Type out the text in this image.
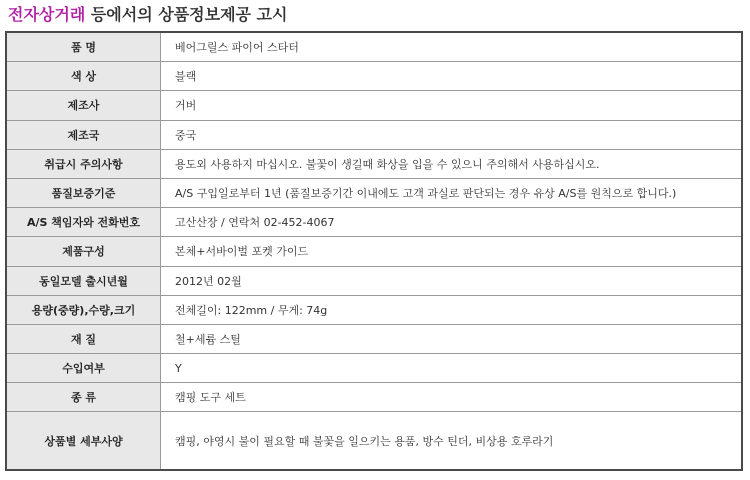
전자상거래 등에서의 상품정보제공 고시
품 명	베어그릴스 파이어 스타터
색 상	블랙
제조사	거버
제조국	중국
취급시 주의사항	용도외 사용하지 마십시오. 불꽃이 생길때 화상을 입을 수 있으니 주의해서 사용하십시오.
품질보증기준	A/S 구입일로부터 1년 (품질보증기간 이내에도 고객 과실로 판단되는 경우 유상 A/S를 원칙으로 합니다.)
A/S 책임자와 전화번호	고산산장 / 연락처 02-452-4067
제품구성	본체+서바이벌 포켓 가이드
동일모델 출시년월	2012년 02월
용량(중량),수량,크기	전체길이: 122mm / 무게: 74g
재 질	철+세륨 스틸
수입여부	Y
종 류	캠핑 도구 세트
상품별 세부사양	캠핑, 야영시 불이 필요할 때 불꽃을 일으키는 용품, 방수 틴더, 비상용 호루라기
